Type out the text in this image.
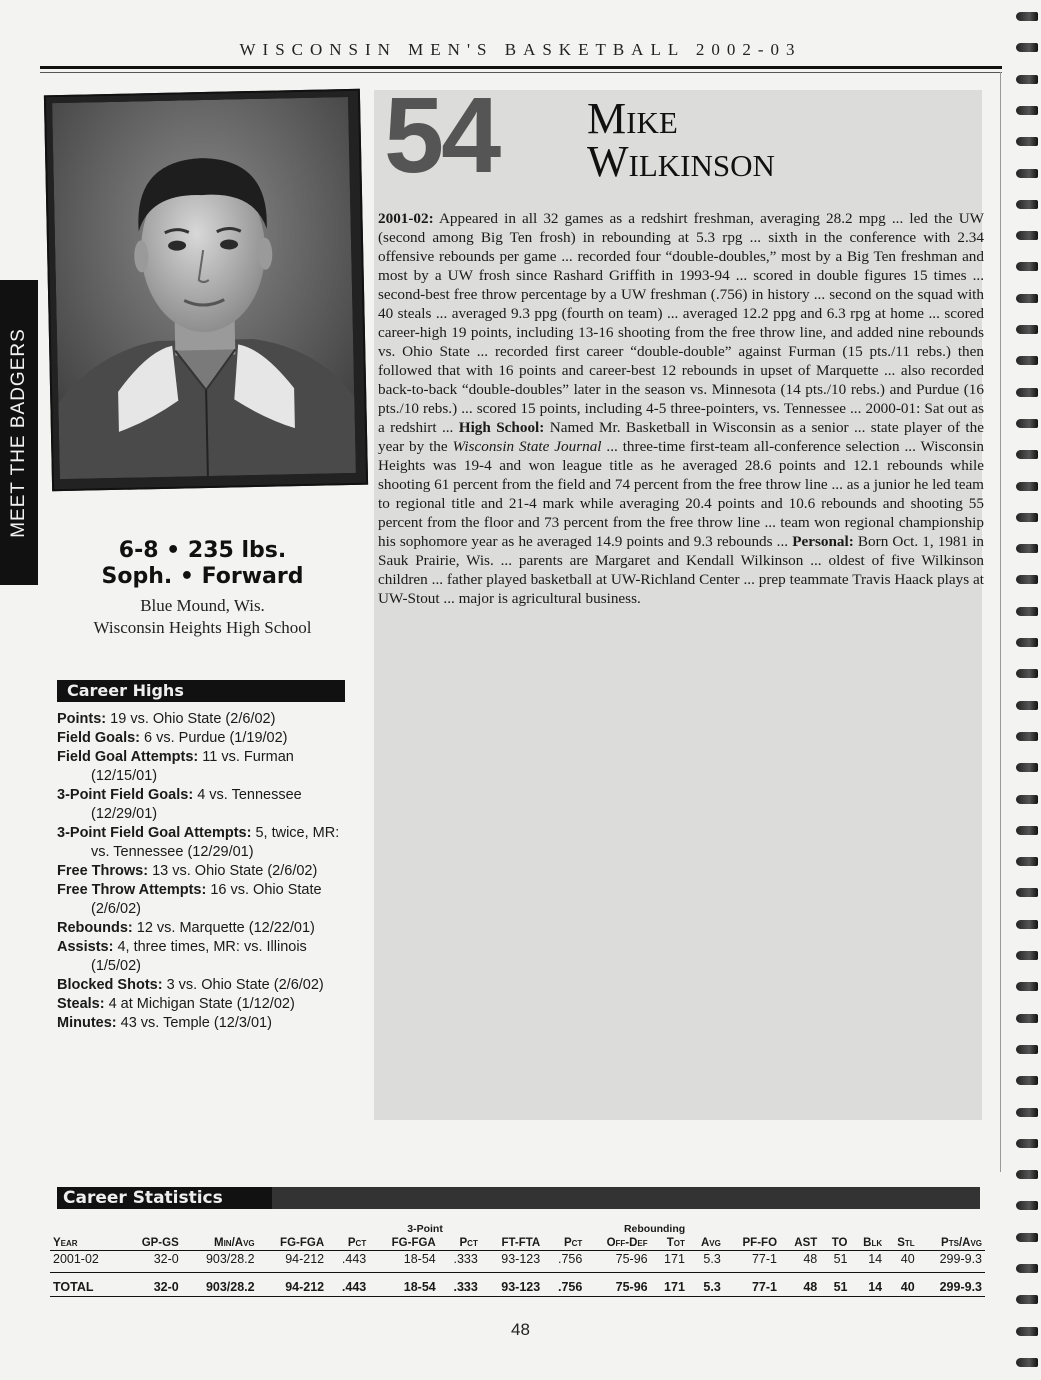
WISCONSIN MEN'S BASKETBALL 2002-03
MEET THE BADGERS
54 Mike
Wilkinson

2001-02: Appeared in all 32 games as a redshirt freshman, averaging 28.2 mpg ... led the UW (second among Big Ten frosh) in rebounding at 5.3 rpg ... sixth in the conference with 2.34 offensive rebounds per game ... recorded four “double-doubles,” most by a Big Ten freshman and most by a UW frosh since Rashard Griffith in 1993-94 ... scored in double figures 15 times ... second-best free throw percentage by a UW freshman (.756) in history ... second on the squad with 40 steals ... averaged 9.3 ppg (fourth on team) ... averaged 12.2 ppg and 6.3 rpg at home ... scored career-high 19 points, including 13-16 shooting from the free throw line, and added nine rebounds vs. Ohio State ... recorded first career “double-double” against Furman (15 pts./11 rebs.) then followed that with 16 points and career-best 12 rebounds in upset of Marquette ... also recorded back-to-back “double-doubles” later in the season vs. Minnesota (14 pts./10 rebs.) and Purdue (16 pts./10 rebs.) ... scored 15 points, including 4-5 three-pointers, vs. Tennessee ... 2000-01: Sat out as a redshirt ... High School: Named Mr. Basketball in Wisconsin as a senior ... state player of the year by the Wisconsin State Journal ... three-time first-team all-conference selection ... Wisconsin Heights was 19-4 and won league title as he averaged 28.6 points and 12.1 rebounds while shooting 61 percent from the field and 74 percent from the free throw line ... as a junior he led team to regional title and 21-4 mark while averaging 20.4 points and 10.6 rebounds and shooting 55 percent from the floor and 73 percent from the free throw line ... team won regional championship his sophomore year as he averaged 14.9 points and 9.3 rebounds ... Personal: Born Oct. 1, 1981 in Sauk Prairie, Wis. ... parents are Margaret and Kendall Wilkinson ... oldest of five Wilkinson children ... father played basketball at UW-Richland Center ... prep teammate Travis Haack plays at UW-Stout ... major is agricultural business.

6-8 • 235 lbs.
Soph. • Forward
Blue Mound, Wis.
Wisconsin Heights High School
Career Highs
Points: 19 vs. Ohio State (2/6/02)
Field Goals: 6 vs. Purdue (1/19/02)
Field Goal Attempts: 11 vs. Furman (12/15/01)
3-Point Field Goals: 4 vs. Tennessee (12/29/01)
3-Point Field Goal Attempts: 5, twice, MR: vs. Tennessee (12/29/01)
Free Throws: 13 vs. Ohio State (2/6/02)
Free Throw Attempts: 16 vs. Ohio State (2/6/02)
Rebounds: 12 vs. Marquette (12/22/01)
Assists: 4, three times, MR: vs. Illinois (1/5/02)
Blocked Shots: 3 vs. Ohio State (2/6/02)
Steals: 4 at Michigan State (1/12/02)
Minutes: 43 vs. Temple (12/3/01)
Career Statistics
					3-Point				Rebounding								
Year	GP-GS	Min/Avg	FG-FGA	Pct	FG-FGA	Pct	FT-FTA	Pct	Off-Def	Tot	Avg	PF-FO	AST	TO	Blk	Stl	Pts/Avg
2001-02	32-0	903/28.2	94-212	.443	18-54	.333	93-123	.756	75-96	171	5.3	77-1	48	51	14	40	299-9.3
TOTAL	32-0	903/28.2	94-212	.443	18-54	.333	93-123	.756	75-96	171	5.3	77-1	48	51	14	40	299-9.3
48
